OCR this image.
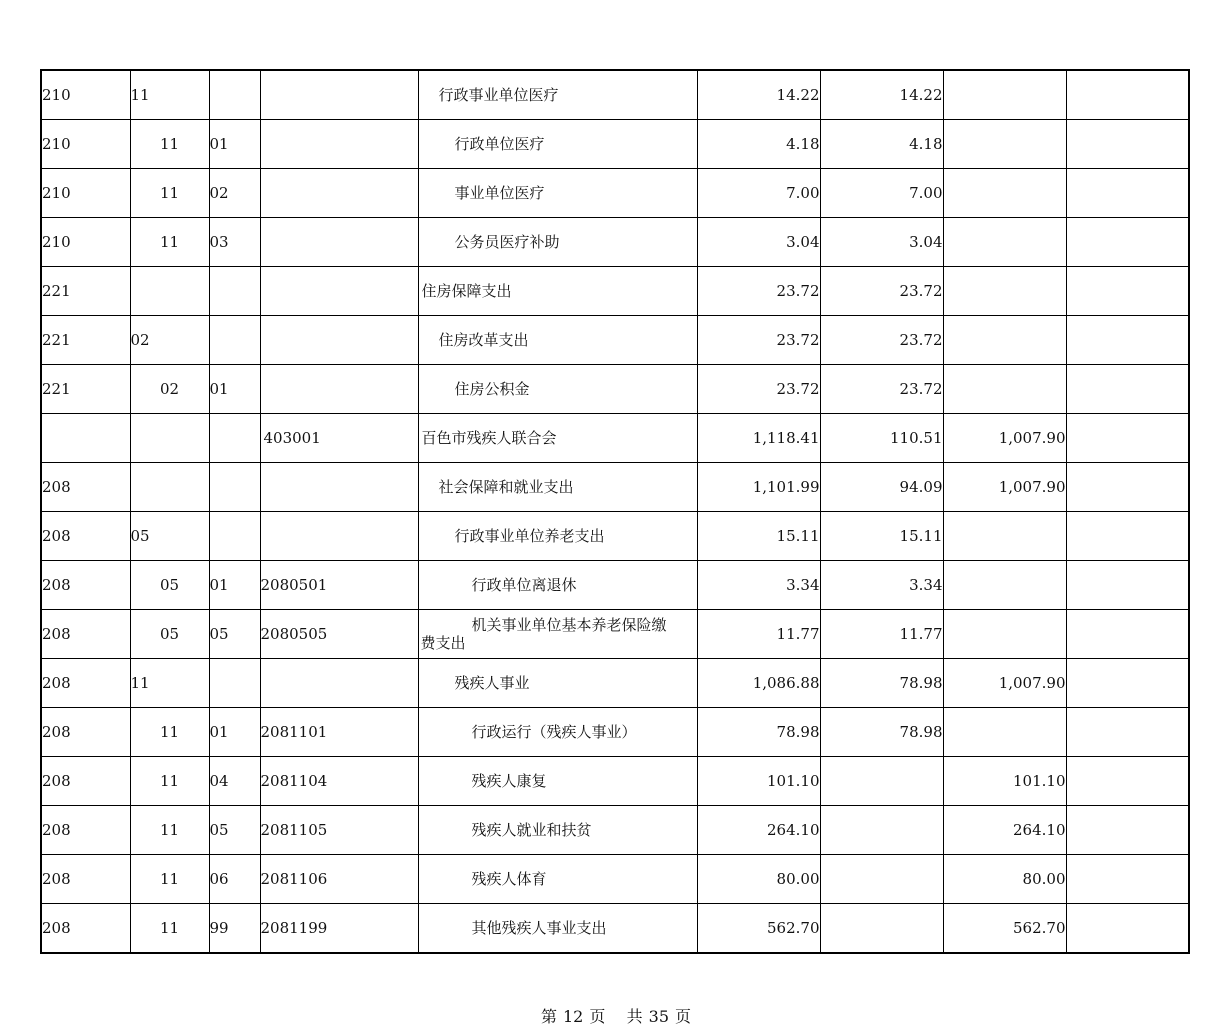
210	11			行政事业单位医疗	14.22	14.22		
210	11	01		行政单位医疗	4.18	4.18		
210	11	02		事业单位医疗	7.00	7.00		
210	11	03		公务员医疗补助	3.04	3.04		
221				住房保障支出	23.72	23.72		
221	02			住房改革支出	23.72	23.72		
221	02	01		住房公积金	23.72	23.72		
			403001	百色市残疾人联合会	1,118.41	110.51	1,007.90	
208				社会保障和就业支出	1,101.99	94.09	1,007.90	
208	05			行政事业单位养老支出	15.11	15.11		
208	05	01	2080501	行政单位离退休	3.34	3.34		
208	05	05	2080505	机关事业单位基本养老保险缴
费支出	11.77	11.77		
208	11			残疾人事业	1,086.88	78.98	1,007.90	
208	11	01	2081101	行政运行（残疾人事业）	78.98	78.98		
208	11	04	2081104	残疾人康复	101.10		101.10	
208	11	05	2081105	残疾人就业和扶贫	264.10		264.10	
208	11	06	2081106	残疾人体育	80.00		80.00	
208	11	99	2081199	其他残疾人事业支出	562.70		562.70	
第 12 页 共 35 页
